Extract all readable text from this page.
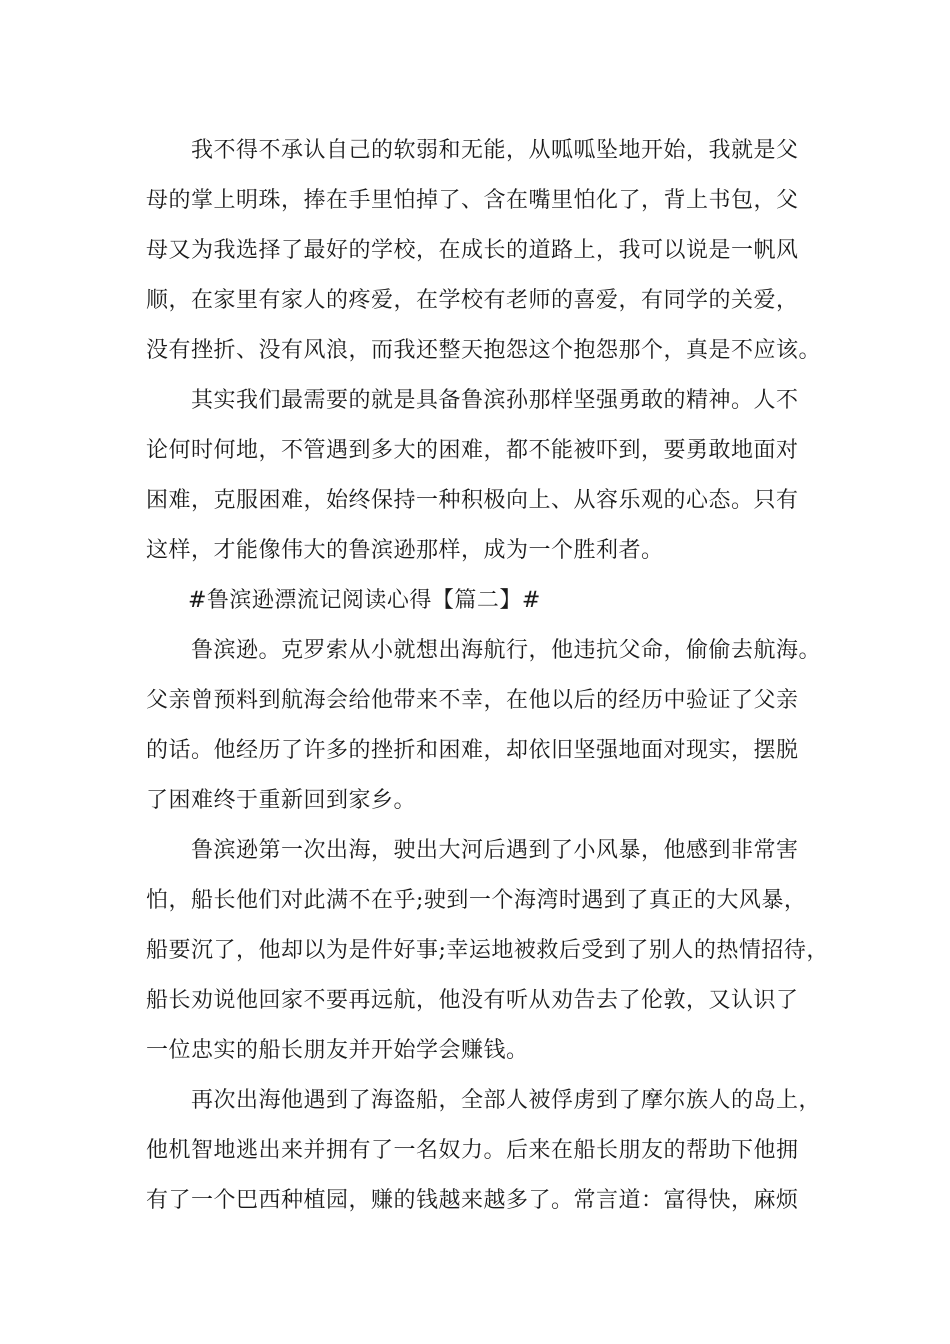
我不得不承认自己的软弱和无能，从呱呱坠地开始，我就是父
母的掌上明珠，捧在手里怕掉了、含在嘴里怕化了，背上书包，父
母又为我选择了最好的学校，在成长的道路上，我可以说是一帆风
顺，在家里有家人的疼爱，在学校有老师的喜爱，有同学的关爱，
没有挫折、没有风浪，而我还整天抱怨这个抱怨那个，真是不应该。
其实我们最需要的就是具备鲁滨孙那样坚强勇敢的精神。人不
论何时何地，不管遇到多大的困难，都不能被吓到，要勇敢地面对
困难，克服困难，始终保持一种积极向上、从容乐观的心态。只有
这样，才能像伟大的鲁滨逊那样，成为一个胜利者。
#鲁滨逊漂流记阅读心得【篇二】#
鲁滨逊。克罗索从小就想出海航行，他违抗父命，偷偷去航海。
父亲曾预料到航海会给他带来不幸，在他以后的经历中验证了父亲
的话。他经历了许多的挫折和困难，却依旧坚强地面对现实，摆脱
了困难终于重新回到家乡。
鲁滨逊第一次出海，驶出大河后遇到了小风暴，他感到非常害
怕，船长他们对此满不在乎;驶到一个海湾时遇到了真正的大风暴，
船要沉了，他却以为是件好事;幸运地被救后受到了别人的热情招待，
船长劝说他回家不要再远航，他没有听从劝告去了伦敦，又认识了
一位忠实的船长朋友并开始学会赚钱。
再次出海他遇到了海盗船，全部人被俘虏到了摩尔族人的岛上，
他机智地逃出来并拥有了一名奴力。后来在船长朋友的帮助下他拥
有了一个巴西种植园，赚的钱越来越多了。常言道：富得快，麻烦
